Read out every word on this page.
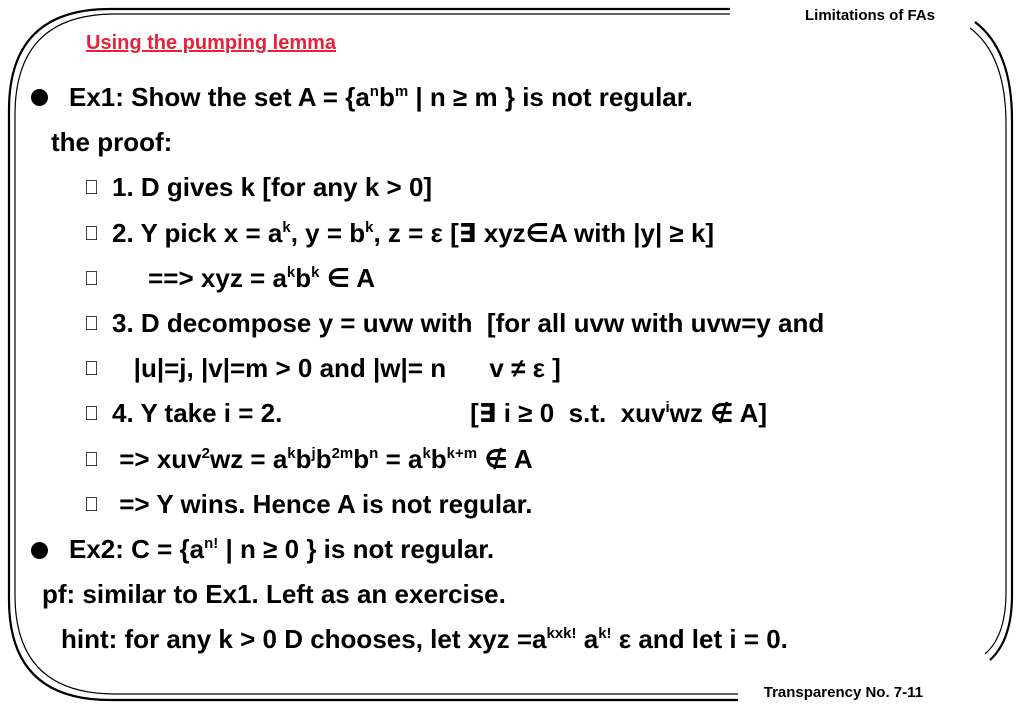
Limitations of FAs
Transparency No. 7-11
Using the pumping lemma
Ex1: Show the set $A = \{a^nb^m$ | n ≥ m } is not regular.
the proof:
1. D gives k [for any k > 0]
2. Y pick $x = a^k$, $y = b^k$, z = ε [∃ xyz∈A with |y| ≥ k]
==> xyz = $a^kb^k$ ∈ A
3. D decompose y = uvw with  [for all uvw with uvw=y and
|u|=j, |v|=m > 0 and |w|= n      v ≠ ε ]
4. Y take i = 2.                          [∃ i ≥ 0  s.t.  xuv$^i$wz ∉ A]
=> $xuv^2wz = a^kb^jb^{2m}b^n = a^kb^{k+m}$ ∉ A
=> Y wins. Hence A is not regular.
Ex2: $C = \{a^{n!}$ | n ≥ 0 } is not regular.
pf: similar to Ex1. Left as an exercise.
hint: for any k > 0 D chooses, let xyz $=a^{kxk!}$ $a^{k!}$ ε and let i = 0.
